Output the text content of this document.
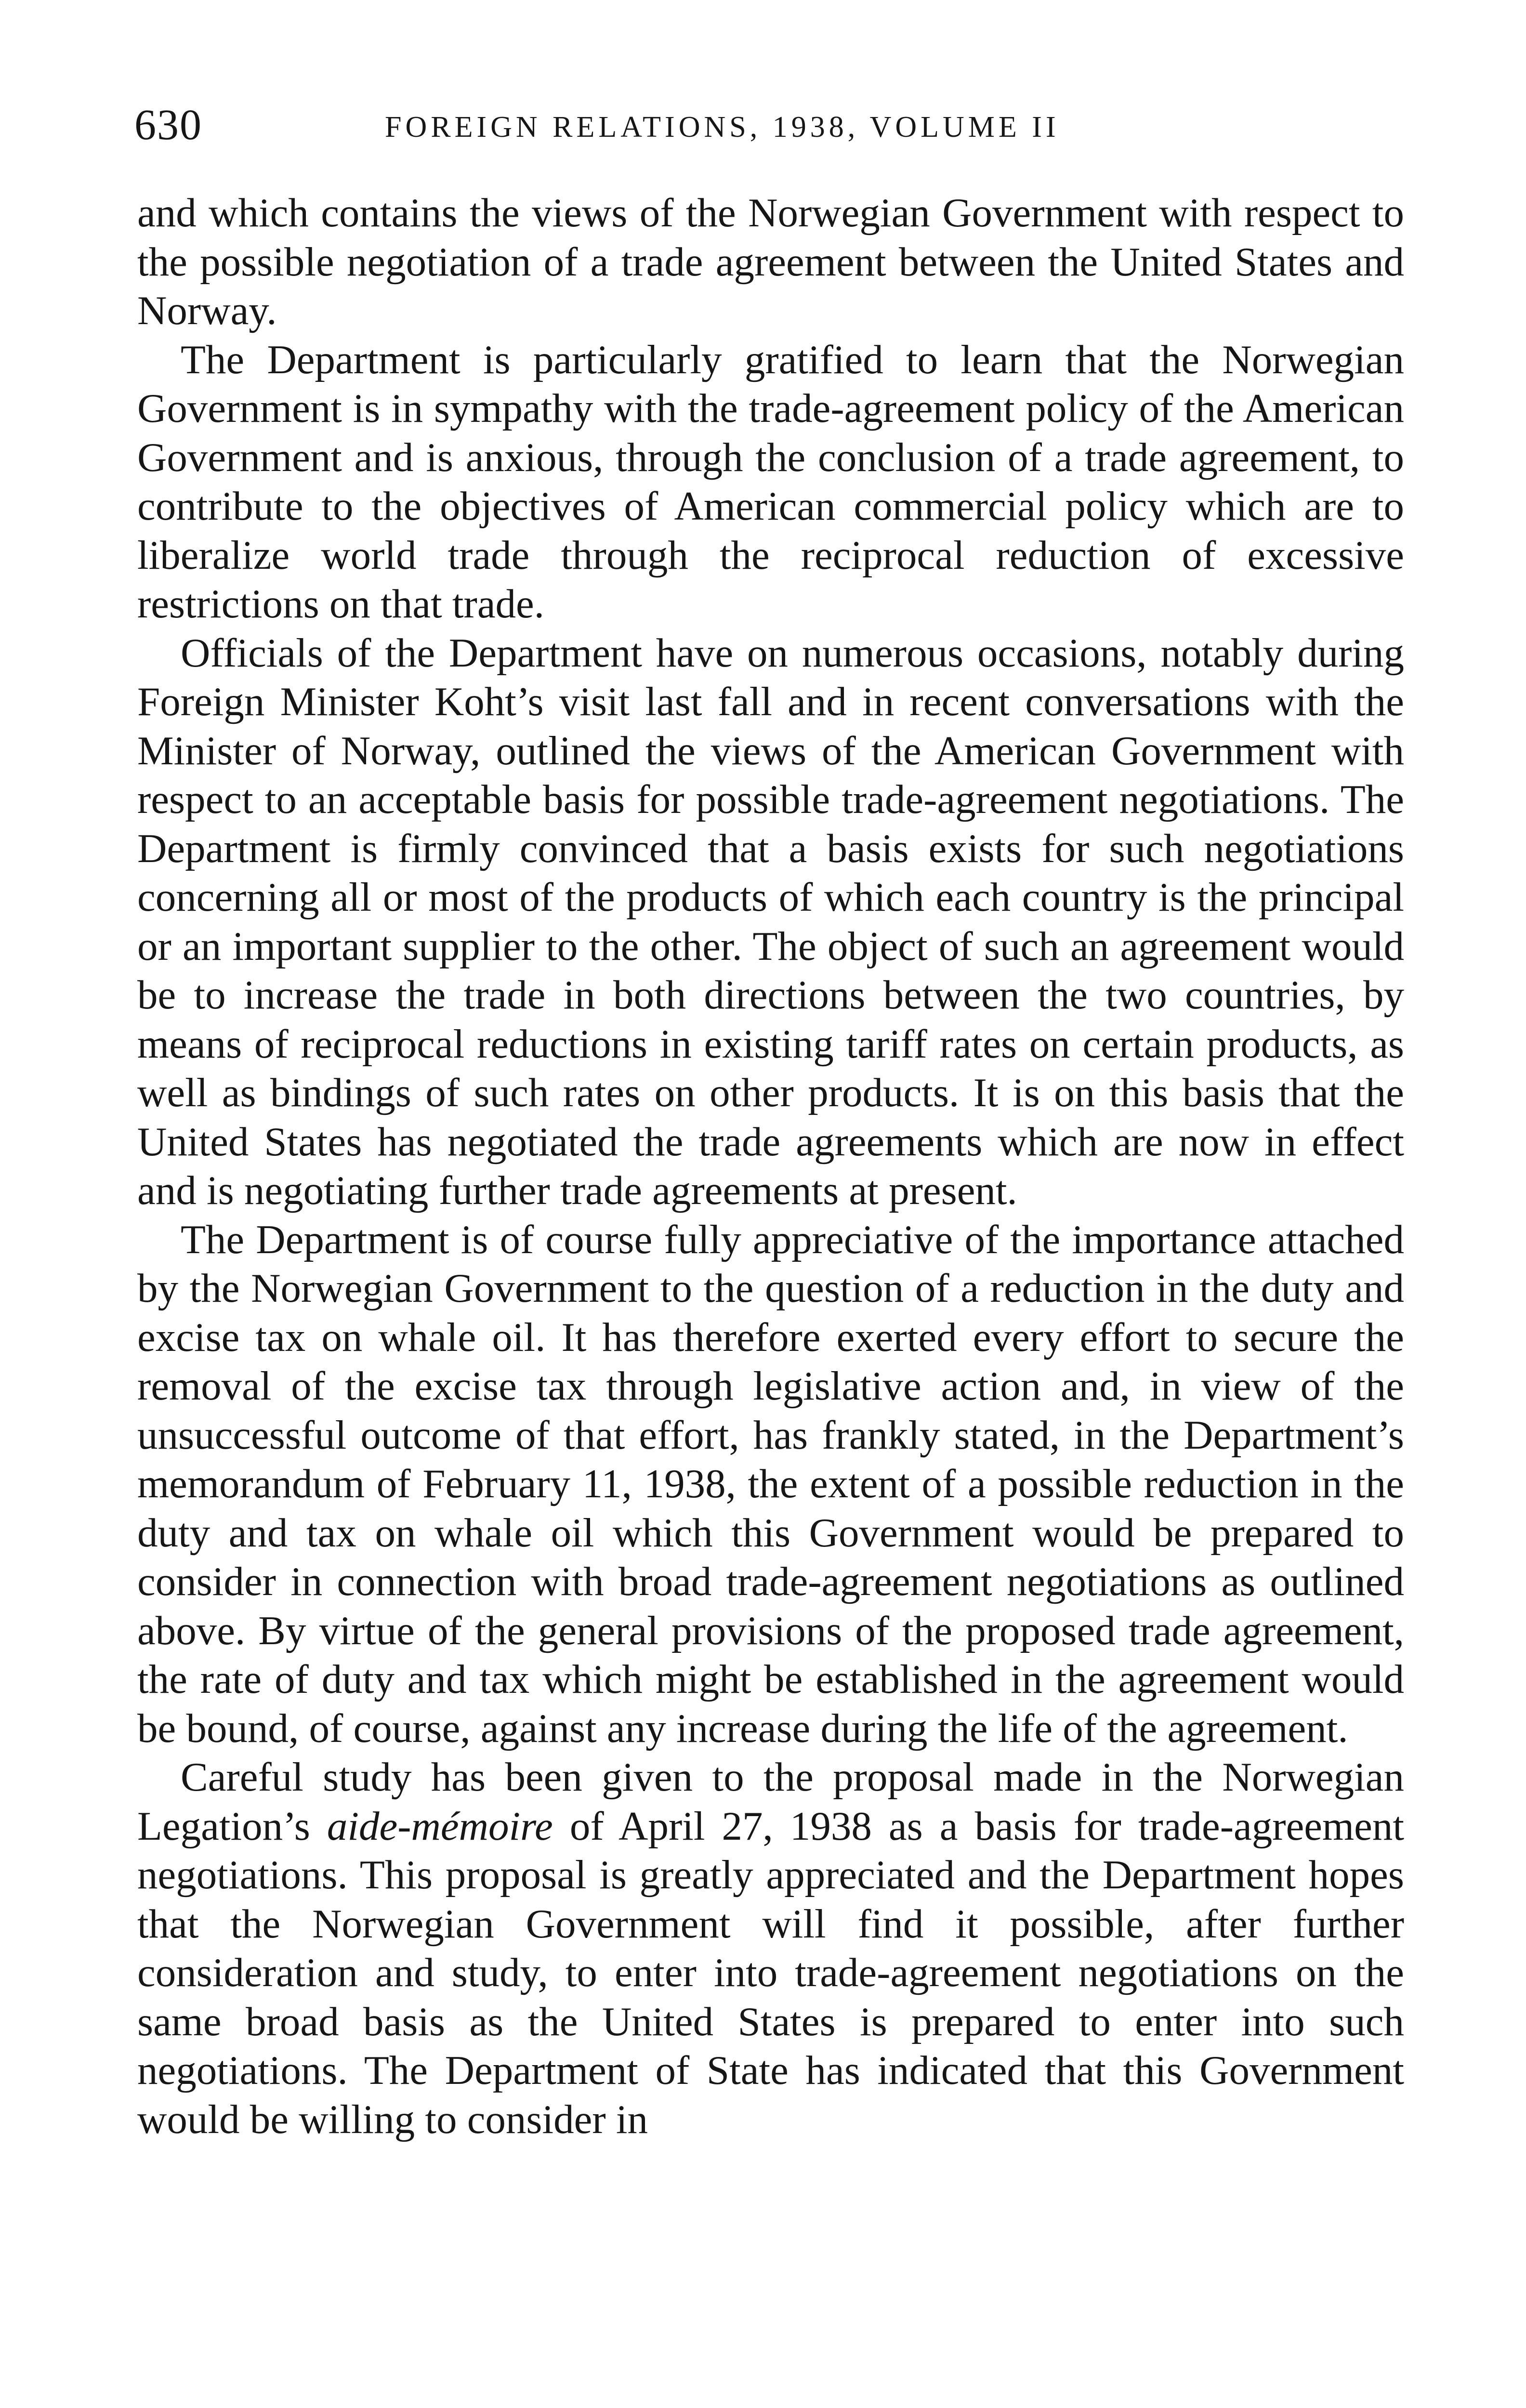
630	FOREIGN RELATIONS, 1938, VOLUME II

and which contains the views of the Norwegian Government with respect to the possible negotiation of a trade agreement between the United States and Norway.

The Department is particularly gratified to learn that the Norwegian Government is in sympathy with the trade-agreement policy of the American Government and is anxious, through the conclusion of a trade agreement, to contribute to the objectives of American commercial policy which are to liberalize world trade through the reciprocal reduction of excessive restrictions on that trade.

Officials of the Department have on numerous occasions, notably during Foreign Minister Koht’s visit last fall and in recent conversations with the Minister of Norway, outlined the views of the American Government with respect to an acceptable basis for possible trade-agreement negotiations. The Department is firmly convinced that a basis exists for such negotiations concerning all or most of the products of which each country is the principal or an important supplier to the other. The object of such an agreement would be to increase the trade in both directions between the two countries, by means of reciprocal reductions in existing tariff rates on certain products, as well as bindings of such rates on other products. It is on this basis that the United States has negotiated the trade agreements which are now in effect and is negotiating further trade agreements at present.

The Department is of course fully appreciative of the importance attached by the Norwegian Government to the question of a reduction in the duty and excise tax on whale oil. It has therefore exerted every effort to secure the removal of the excise tax through legislative action and, in view of the unsuccessful outcome of that effort, has frankly stated, in the Department’s memorandum of February 11, 1938, the extent of a possible reduction in the duty and tax on whale oil which this Government would be prepared to consider in connection with broad trade-agreement negotiations as outlined above. By virtue of the general provisions of the proposed trade agreement, the rate of duty and tax which might be established in the agreement would be bound, of course, against any increase during the life of the agreement.

Careful study has been given to the proposal made in the Norwegian Legation’s aide-mémoire of April 27, 1938 as a basis for trade-agreement negotiations. This proposal is greatly appreciated and the Department hopes that the Norwegian Government will find it possible, after further consideration and study, to enter into trade-agreement negotiations on the same broad basis as the United States is prepared to enter into such negotiations. The Department of State has indicated that this Government would be willing to consider in
